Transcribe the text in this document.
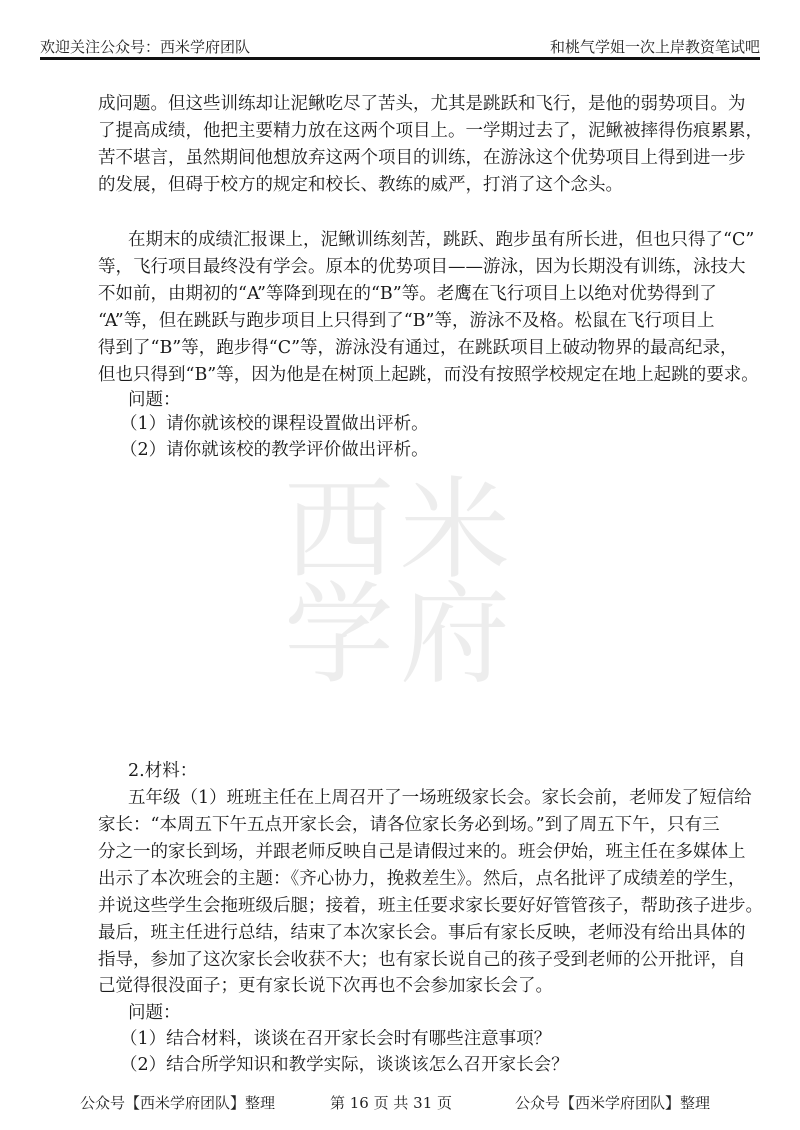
欢迎关注公众号：西米学府团队	和桃气学姐一次上岸教资笔试吧
西米
学府
成问题。但这些训练却让泥鳅吃尽了苦头，尤其是跳跃和飞行，是他的弱势项目。为
了提高成绩，他把主要精力放在这两个项目上。一学期过去了，泥鳅被摔得伤痕累累，
苦不堪言，虽然期间他想放弃这两个项目的训练，在游泳这个优势项目上得到进一步
的发展，但碍于校方的规定和校长、教练的威严，打消了这个念头。
在期末的成绩汇报课上，泥鳅训练刻苦，跳跃、跑步虽有所长进，但也只得了“C”
等，飞行项目最终没有学会。原本的优势项目——游泳，因为长期没有训练，泳技大
不如前，由期初的“A”等降到现在的“B”等。老鹰在飞行项目上以绝对优势得到了
“A”等，但在跳跃与跑步项目上只得到了“B”等，游泳不及格。松鼠在飞行项目上
得到了“B”等，跑步得“C”等，游泳没有通过，在跳跃项目上破动物界的最高纪录，
但也只得到“B”等，因为他是在树顶上起跳，而没有按照学校规定在地上起跳的要求。
问题：
（1）请你就该校的课程设置做出评析。
（2）请你就该校的教学评价做出评析。
2.材料：
五年级（1）班班主任在上周召开了一场班级家长会。家长会前，老师发了短信给
家长：“本周五下午五点开家长会，请各位家长务必到场。”到了周五下午，只有三
分之一的家长到场，并跟老师反映自己是请假过来的。班会伊始，班主任在多媒体上
出示了本次班会的主题：《齐心协力，挽救差生》。然后，点名批评了成绩差的学生，
并说这些学生会拖班级后腿；接着，班主任要求家长要好好管管孩子，帮助孩子进步。
最后，班主任进行总结，结束了本次家长会。事后有家长反映，老师没有给出具体的
指导，参加了这次家长会收获不大；也有家长说自己的孩子受到老师的公开批评，自
己觉得很没面子；更有家长说下次再也不会参加家长会了。
问题：
（1）结合材料，谈谈在召开家长会时有哪些注意事项？
（2）结合所学知识和教学实际，谈谈该怎么召开家长会？
公众号【西米学府团队】整理	第 16 页 共 31 页	公众号【西米学府团队】整理
